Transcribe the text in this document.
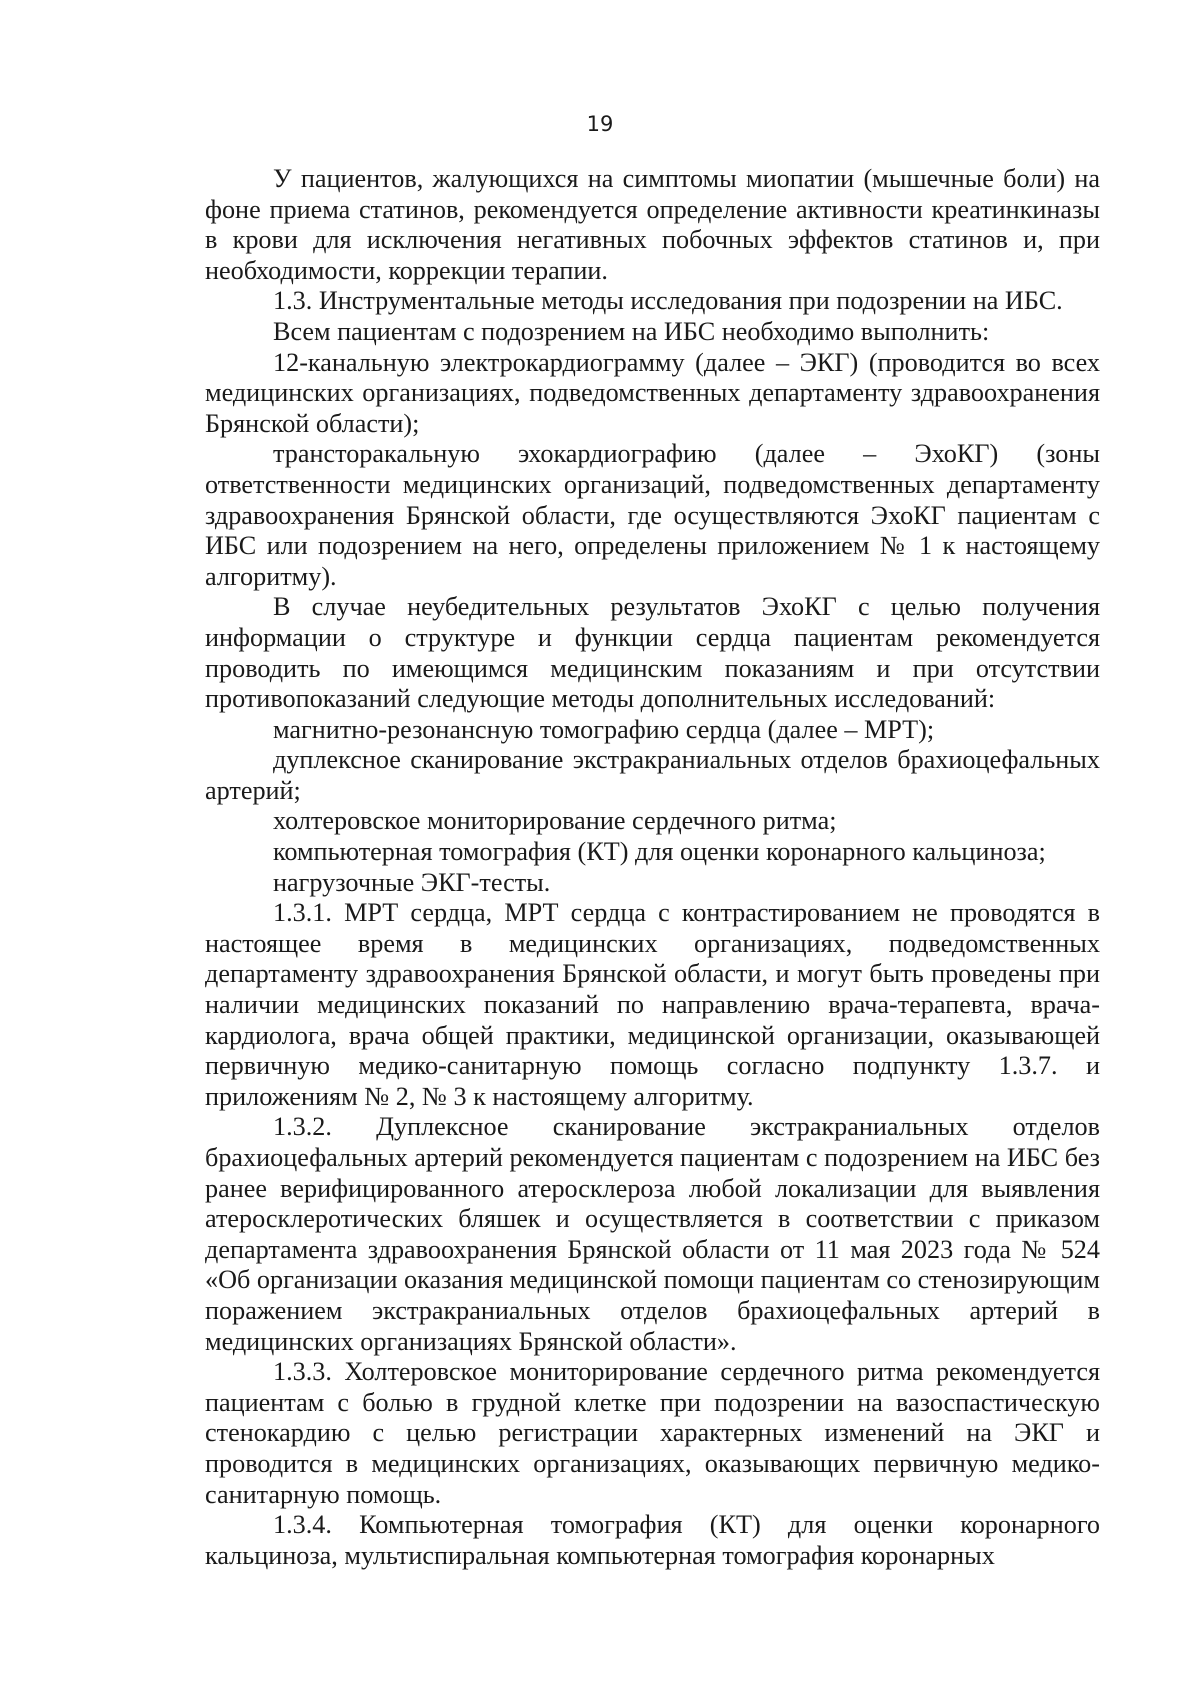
19

У пациентов, жалующихся на симптомы миопатии (мышечные боли) на фоне приема статинов, рекомендуется определение активности креатинкиназы в крови для исключения негативных побочных эффектов статинов и, при необходимости, коррекции терапии.

1.3. Инструментальные методы исследования при подозрении на ИБС.

Всем пациентам с подозрением на ИБС необходимо выполнить:

12-канальную электрокардиограмму (далее – ЭКГ) (проводится во всех медицинских организациях, подведомственных департаменту здравоохранения Брянской области);

трансторакальную эхокардиографию (далее – ЭхоКГ) (зоны ответственности медицинских организаций, подведомственных департаменту здравоохранения Брянской области, где осуществляются ЭхоКГ пациентам с ИБС или подозрением на него, определены приложением № 1 к настоящему алгоритму).

В случае неубедительных результатов ЭхоКГ с целью получения информации о структуре и функции сердца пациентам рекомендуется проводить по имеющимся медицинским показаниям и при отсутствии противопоказаний следующие методы дополнительных исследований:

магнитно-резонансную томографию сердца (далее – МРТ);

дуплексное сканирование экстракраниальных отделов брахиоцефальных артерий;

холтеровское мониторирование сердечного ритма;

компьютерная томография (КТ) для оценки коронарного кальциноза;

нагрузочные ЭКГ-тесты.

1.3.1. МРТ сердца, МРТ сердца с контрастированием не проводятся в настоящее время в медицинских организациях, подведомственных департаменту здравоохранения Брянской области, и могут быть проведены при наличии медицинских показаний по направлению врача-терапевта, врача-кардиолога, врача общей практики, медицинской организации, оказывающей первичную медико-санитарную помощь согласно подпункту 1.3.7. и приложениям № 2, № 3 к настоящему алгоритму.

1.3.2. Дуплексное сканирование экстракраниальных отделов брахиоцефальных артерий рекомендуется пациентам с подозрением на ИБС без ранее верифицированного атеросклероза любой локализации для выявления атеросклеротических бляшек и осуществляется в соответствии с приказом департамента здравоохранения Брянской области от 11 мая 2023 года № 524 «Об организации оказания медицинской помощи пациентам со стенозирующим поражением экстракраниальных отделов брахиоцефальных артерий в медицинских организациях Брянской области».

1.3.3. Холтеровское мониторирование сердечного ритма рекомендуется пациентам с болью в грудной клетке при подозрении на вазоспастическую стенокардию с целью регистрации характерных изменений на ЭКГ и проводится в медицинских организациях, оказывающих первичную медико-санитарную помощь.

1.3.4. Компьютерная томография (КТ) для оценки коронарного кальциноза, мультиспиральная компьютерная томография коронарных
